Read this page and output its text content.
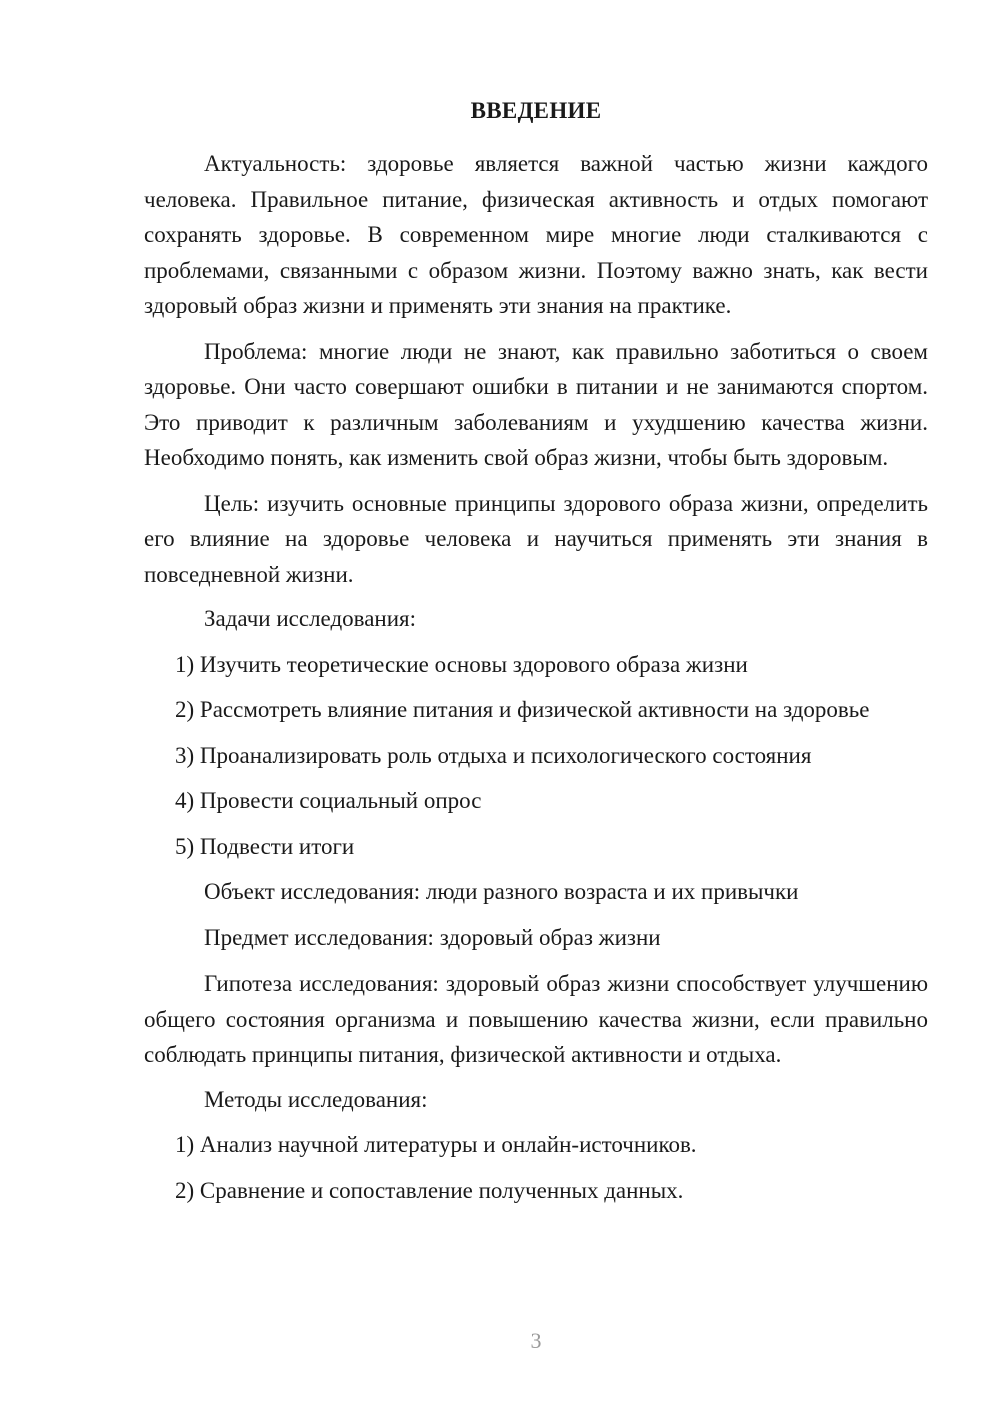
ВВЕДЕНИЕ

Актуальность: здоровье является важной частью жизни каждого человека. Правильное питание, физическая активность и отдых помогают сохранять здоровье. В современном мире многие люди сталкиваются с проблемами, связанными с образом жизни. Поэтому важно знать, как вести здоровый образ жизни и применять эти знания на практике.

Проблема: многие люди не знают, как правильно заботиться о своем здоровье. Они часто совершают ошибки в питании и не занимаются спортом. Это приводит к различным заболеваниям и ухудшению качества жизни. Необходимо понять, как изменить свой образ жизни, чтобы быть здоровым.

Цель: изучить основные принципы здорового образа жизни, определить его влияние на здоровье человека и научиться применять эти знания в повседневной жизни.

Задачи исследования:

1) Изучить теоретические основы здорового образа жизни

2) Рассмотреть влияние питания и физической активности на здоровье

3) Проанализировать роль отдыха и психологического состояния

4) Провести социальный опрос

5) Подвести итоги

Объект исследования: люди разного возраста и их привычки

Предмет исследования: здоровый образ жизни

Гипотеза исследования: здоровый образ жизни способствует улучшению общего состояния организма и повышению качества жизни, если правильно соблюдать принципы питания, физической активности и отдыха.

Методы исследования:

1) Анализ научной литературы и онлайн-источников.

2) Сравнение и сопоставление полученных данных.

3
